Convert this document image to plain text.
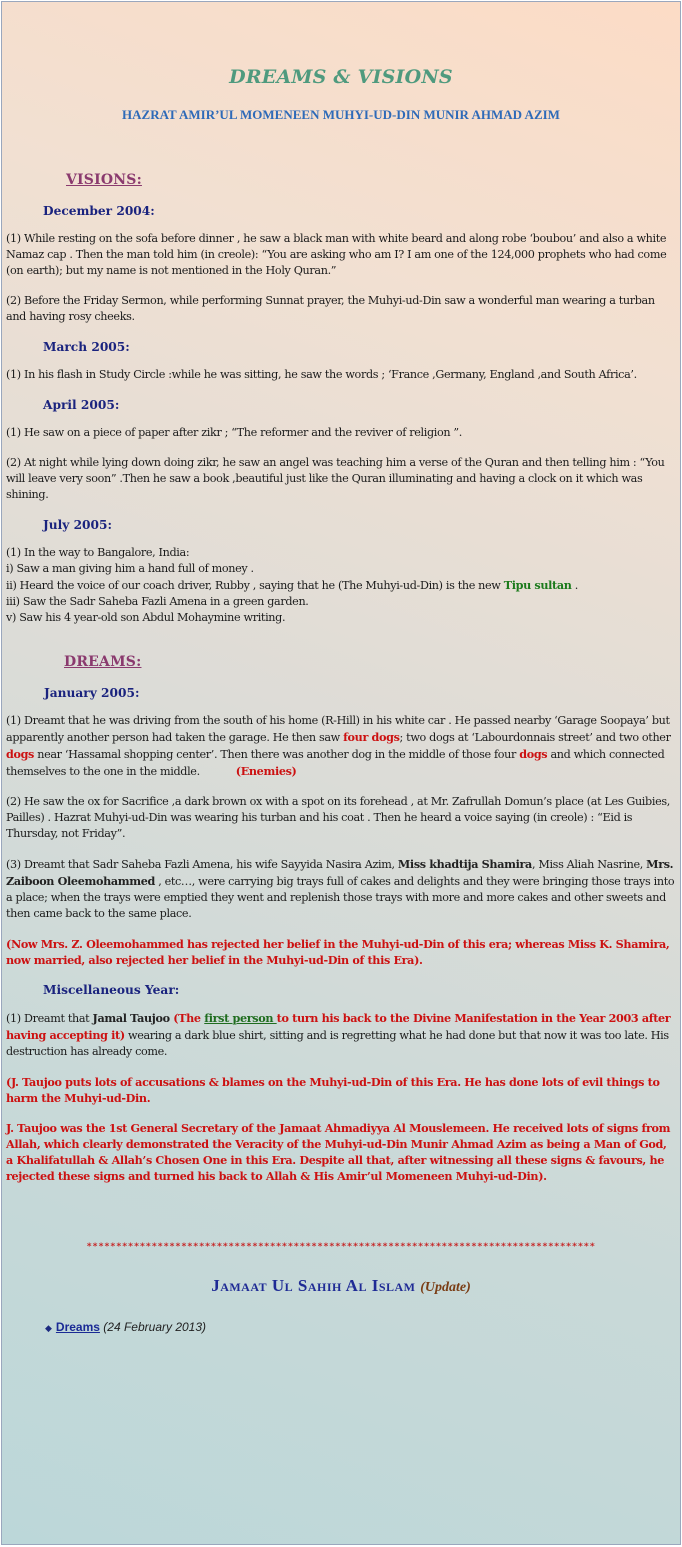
DREAMS & VISIONS
HAZRAT AMIR’UL MOMENEEN MUHYI-UD-DIN MUNIR AHMAD AZIM

VISIONS:

December 2004:

(1) While resting on the sofa before dinner , he saw a black man with white beard and along robe ‘boubou’ and also a white Namaz cap . Then the man told him (in creole): “You are asking who am I? I am one of the 124,000 prophets who had come (on earth); but my name is not mentioned in the Holy Quran.”

(2) Before the Friday Sermon, while performing Sunnat prayer, the Muhyi-ud-Din saw a wonderful man wearing a turban and having rosy cheeks.

March 2005:

(1) In his flash in Study Circle :while he was sitting, he saw the words ; ‘France ,Germany, England ,and South Africa’.

April 2005:

(1) He saw on a piece of paper after zikr ; “The reformer and the reviver of religion ”.

(2) At night while lying down doing zikr, he saw an angel was teaching him a verse of the Quran and then telling him : “You will leave very soon” .Then he saw a book ,beautiful just like the Quran illuminating and having a clock on it which was shining.

July 2005:

(1) In the way to Bangalore, India:

i) Saw a man giving him a hand full of money .

ii) Heard the voice of our coach driver, Rubby , saying that he (The Muhyi-ud-Din) is the new Tipu sultan .

iii) Saw the Sadr Saheba Fazli Amena in a green garden.

v) Saw his 4 year-old son Abdul Mohaymine writing.

DREAMS:

January 2005:

(1) Dreamt that he was driving from the south of his home (R-Hill) in his white car . He passed nearby ‘Garage Soopaya’ but apparently another person had taken the garage. He then saw four dogs; two dogs at ‘Labourdonnais street’ and two other dogs near ‘Hassamal shopping center’. Then there was another dog in the middle of those four dogs and which connected themselves to the one in the middle.	(Enemies)

(2) He saw the ox for Sacrifice ,a dark brown ox with a spot on its forehead , at Mr. Zafrullah Domun’s place (at Les Guibies, Pailles) . Hazrat Muhyi-ud-Din was wearing his turban and his coat . Then he heard a voice saying (in creole) : “Eid is Thursday, not Friday”.

(3) Dreamt that Sadr Saheba Fazli Amena, his wife Sayyida Nasira Azim, Miss khadtija Shamira, Miss Aliah Nasrine, Mrs. Zaiboon Oleemohammed , etc…, were carrying big trays full of cakes and delights and they were bringing those trays into a place; when the trays were emptied they went and replenish those trays with more and more cakes and other sweets and then came back to the same place.

(Now Mrs. Z. Oleemohammed has rejected her belief in the Muhyi-ud-Din of this era; whereas Miss K. Shamira, now married, also rejected her belief in the Muhyi-ud-Din of this Era).

Miscellaneous Year:

(1) Dreamt that Jamal Taujoo (The first person to turn his back to the Divine Manifestation in the Year 2003 after having accepting it) wearing a dark blue shirt, sitting and is regretting what he had done but that now it was too late. His destruction has already come.

(J. Taujoo puts lots of accusations & blames on the Muhyi-ud-Din of this Era. He has done lots of evil things to harm the Muhyi-ud-Din.

J. Taujoo was the 1st General Secretary of the Jamaat Ahmadiyya Al Mouslemeen. He received lots of signs from Allah, which clearly demonstrated the Veracity of the Muhyi-ud-Din Munir Ahmad Azim as being a Man of God, a Khalifatullah & Allah’s Chosen One in this Era. Despite all that, after witnessing all these signs & favours, he rejected these signs and turned his back to Allah & His Amir’ul Momeneen Muhyi-ud-Din).

**************************************************************************************
Jamaat Ul Sahih Al Islam (Update)
◆ Dreams (24 February 2013)
